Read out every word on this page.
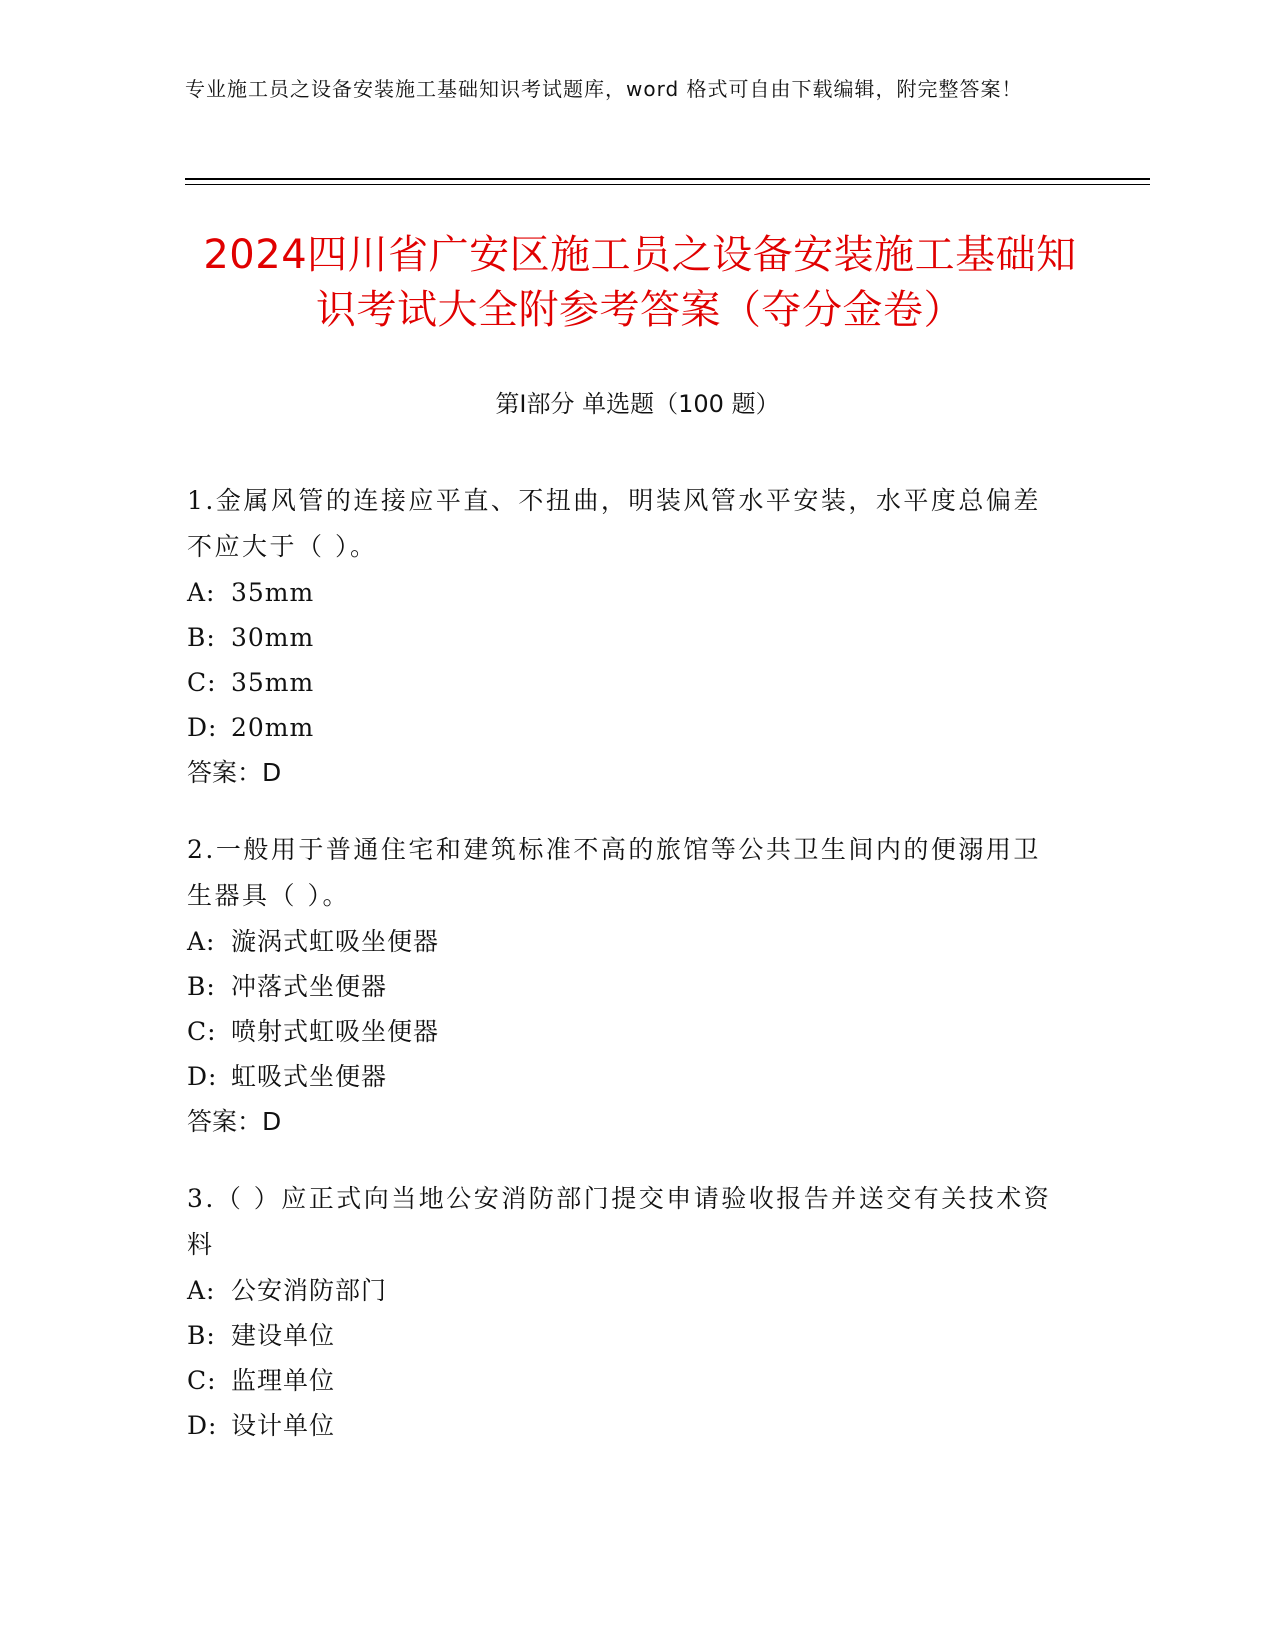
专业施工员之设备安装施工基础知识考试题库，word 格式可自由下载编辑，附完整答案！
2024四川省广安区施工员之设备安装施工基础知识考试大全附参考答案（夺分金卷）
第I部分 单选题（100 题）

1.金属风管的连接应平直、不扭曲，明装风管水平安装，水平度总偏差不应大于（ ）。

A: 35mm
B: 30mm
C: 35mm
D: 20mm
答案：D

2.一般用于普通住宅和建筑标准不高的旅馆等公共卫生间内的便溺用卫生器具（ ）。

A: 漩涡式虹吸坐便器
B: 冲落式坐便器
C: 喷射式虹吸坐便器
D: 虹吸式坐便器
答案：D

3.（ ）应正式向当地公安消防部门提交申请验收报告并送交有关技术资料

A: 公安消防部门
B: 建设单位
C: 监理单位
D: 设计单位
